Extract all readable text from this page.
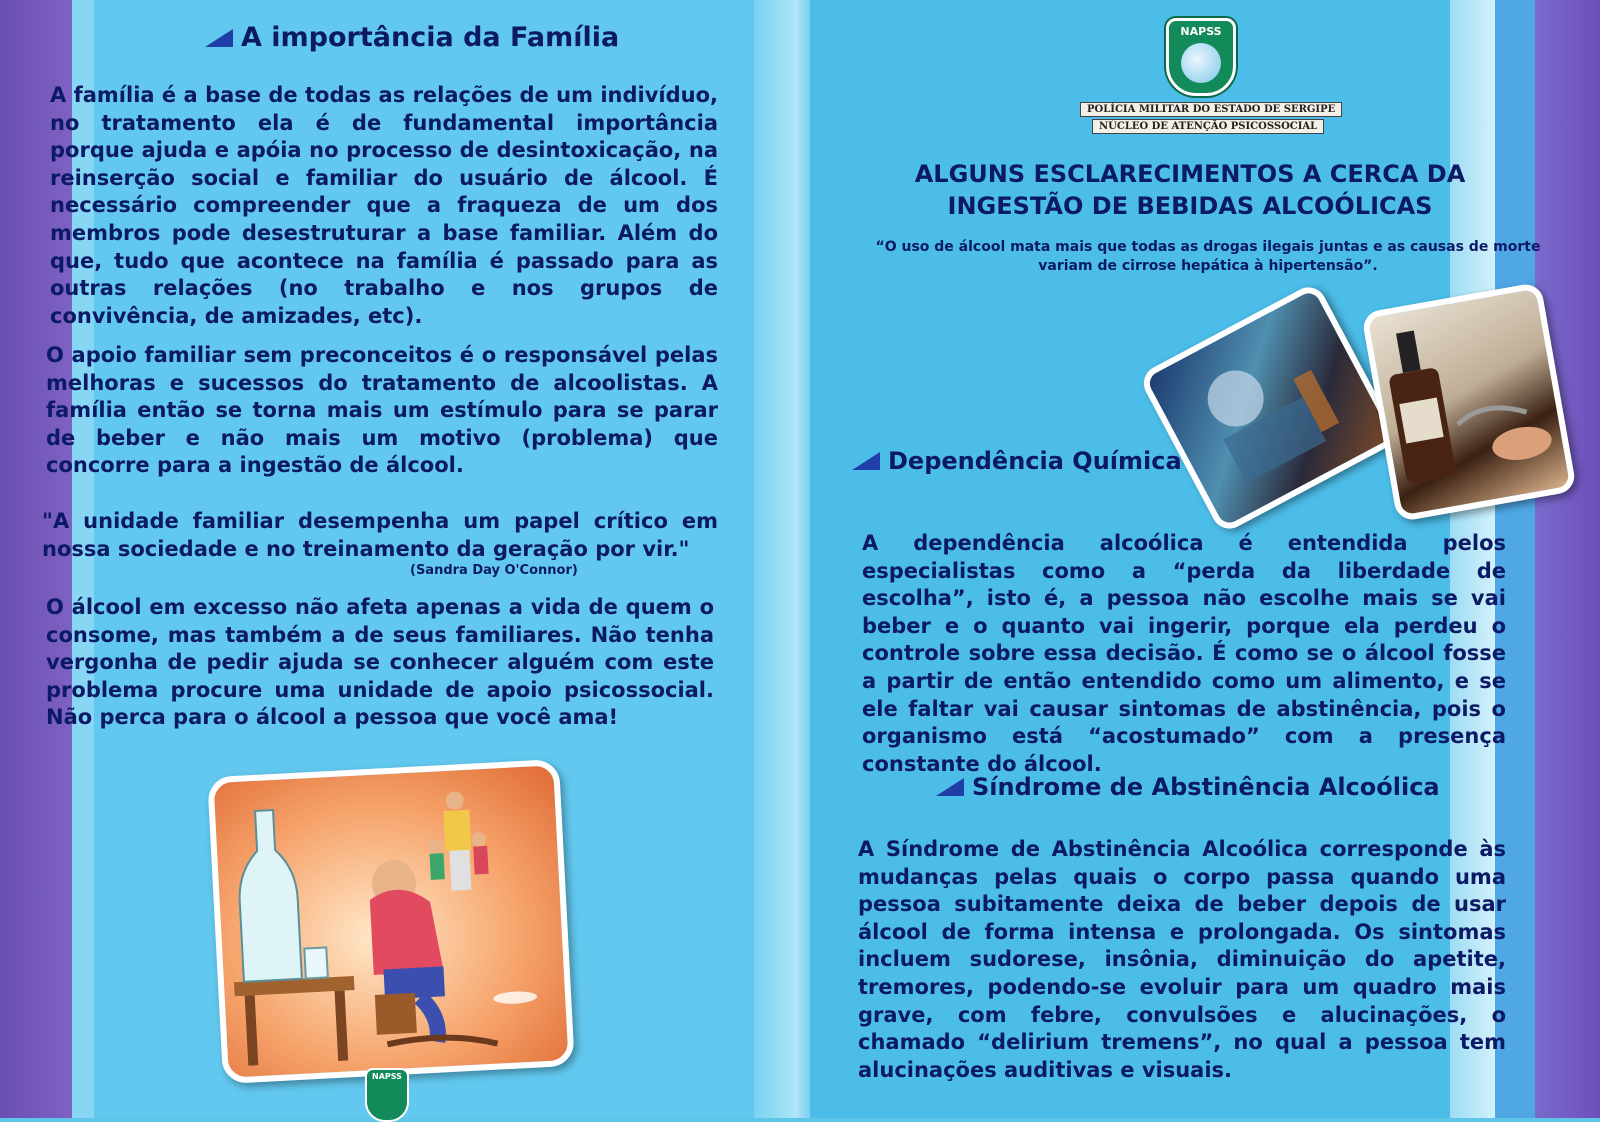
A importância da Família

A família é a base de todas as relações de um indivíduo, no tratamento ela é de fundamental importância porque ajuda e apóia no processo de desintoxicação, na reinserção social e familiar do usuário de álcool. É necessário compreender que a fraqueza de um dos membros pode desestruturar a base familiar. Além do que, tudo que acontece na família é passado para as outras relações (no trabalho e nos grupos de convivência, de amizades, etc).

O apoio familiar sem preconceitos é o responsável pelas melhoras e sucessos do tratamento de alcoolistas. A família então se torna mais um estímulo para se parar de beber e não mais um motivo (problema) que concorre para a ingestão de álcool.

"A unidade familiar desempenha um papel crítico em nossa sociedade e no treinamento da geração por vir."

(Sandra Day O'Connor)

O álcool em excesso não afeta apenas a vida de quem o consome, mas também a de seus familiares. Não tenha vergonha de pedir ajuda se conhecer alguém com este problema procure uma unidade de apoio psicossocial. Não perca para o álcool a pessoa que você ama!

NAPSS
NAPSS
POLÍCIA MILITAR DO ESTADO DE SERGIPE
NÚCLEO DE ATENÇÃO PSICOSSOCIAL
ALGUNS ESCLARECIMENTOS A CERCA DA
INGESTÃO DE BEBIDAS ALCOÓLICAS
“O uso de álcool mata mais que todas as drogas ilegais juntas e as causas de morte
variam de cirrose hepática à hipertensão”.
Dependência Química

A dependência alcoólica é entendida pelos especialistas como a “perda da liberdade de escolha”, isto é, a pessoa não escolhe mais se vai beber e o quanto vai ingerir, porque ela perdeu o controle sobre essa decisão. É como se o álcool fosse a partir de então entendido como um alimento, e se ele faltar vai causar sintomas de abstinência, pois o organismo está “acostumado” com a presença constante do álcool.

Síndrome de Abstinência Alcoólica

A Síndrome de Abstinência Alcoólica corresponde às mudanças pelas quais o corpo passa quando uma pessoa subitamente deixa de beber depois de usar álcool de forma intensa e prolongada. Os sintomas incluem sudorese, insônia, diminuição do apetite, tremores, podendo-se evoluir para um quadro mais grave, com febre, convulsões e alucinações, o chamado “delirium tremens”, no qual a pessoa tem alucinações auditivas e visuais.
